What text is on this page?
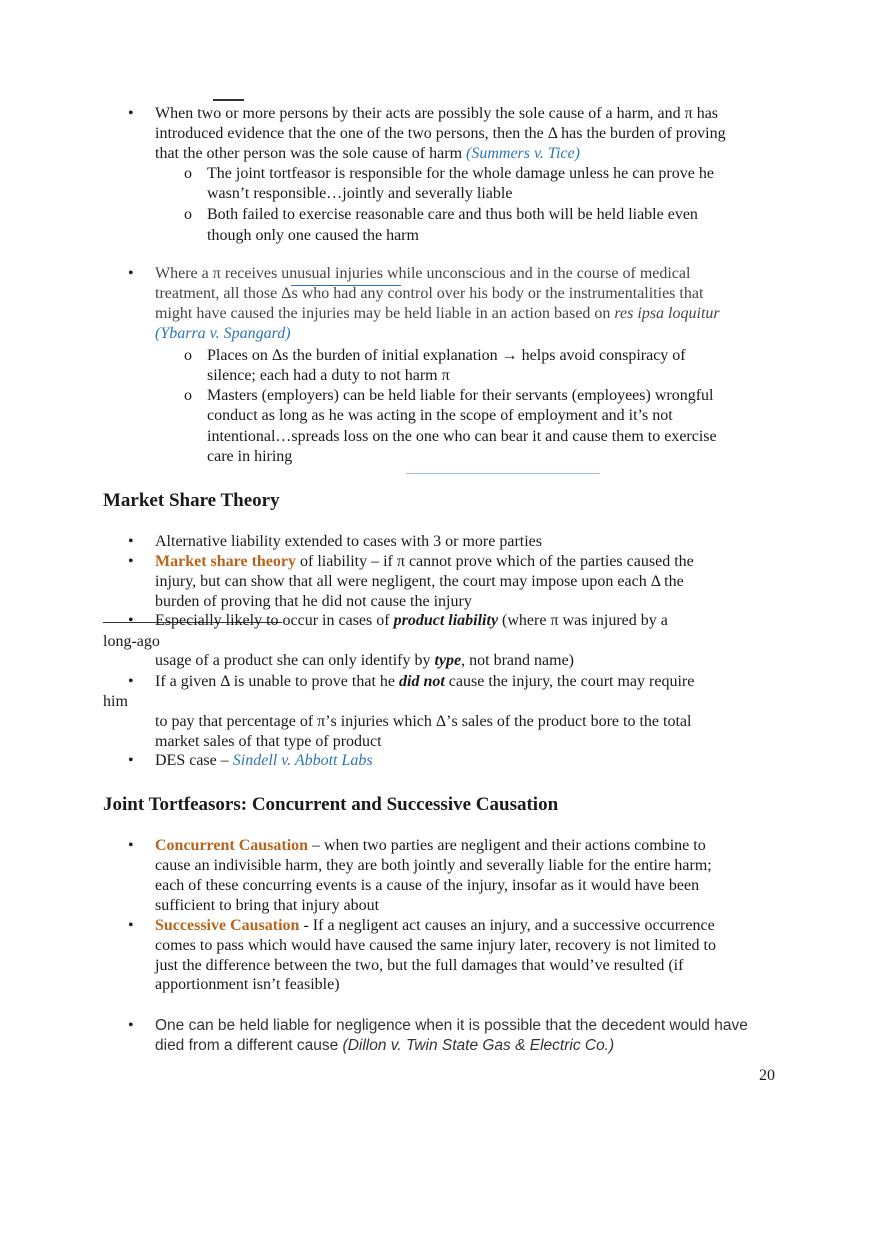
• When two or more persons by their acts are possibly the sole cause of a harm, and π has
introduced evidence that the one of the two persons, then the Δ has the burden of proving
that the other person was the sole cause of harm (Summers v. Tice)
o The joint tortfeasor is responsible for the whole damage unless he can prove he
wasn’t responsible…jointly and severally liable
o Both failed to exercise reasonable care and thus both will be held liable even
though only one caused the harm
• Where a π receives unusual injuries while unconscious and in the course of medical
treatment, all those Δs who had any control over his body or the instrumentalities that
might have caused the injuries may be held liable in an action based on res ipsa loquitur
(Ybarra v. Spangard)
o Places on Δs the burden of initial explanation → helps avoid conspiracy of
silence; each had a duty to not harm π
o Masters (employers) can be held liable for their servants (employees) wrongful
conduct as long as he was acting in the scope of employment and it’s not
intentional…spreads loss on the one who can bear it and cause them to exercise
care in hiring
Market Share Theory
• Alternative liability extended to cases with 3 or more parties
• Market share theory of liability – if π cannot prove which of the parties caused the
injury, but can show that all were negligent, the court may impose upon each Δ the
burden of proving that he did not cause the injury
• Especially likely to occur in cases of product liability (where π was injured by a
long-ago
usage of a product she can only identify by type, not brand name)
• If a given Δ is unable to prove that he did not cause the injury, the court may require
him
to pay that percentage of π’s injuries which Δ’s sales of the product bore to the total
market sales of that type of product
• DES case – Sindell v. Abbott Labs
Joint Tortfeasors: Concurrent and Successive Causation
• Concurrent Causation – when two parties are negligent and their actions combine to
cause an indivisible harm, they are both jointly and severally liable for the entire harm;
each of these concurring events is a cause of the injury, insofar as it would have been
sufficient to bring that injury about
• Successive Causation - If a negligent act causes an injury, and a successive occurrence
comes to pass which would have caused the same injury later, recovery is not limited to
just the difference between the two, but the full damages that would’ve resulted (if
apportionment isn’t feasible)
• One can be held liable for negligence when it is possible that the decedent would have
died from a different cause (Dillon v. Twin State Gas & Electric Co.)
20
